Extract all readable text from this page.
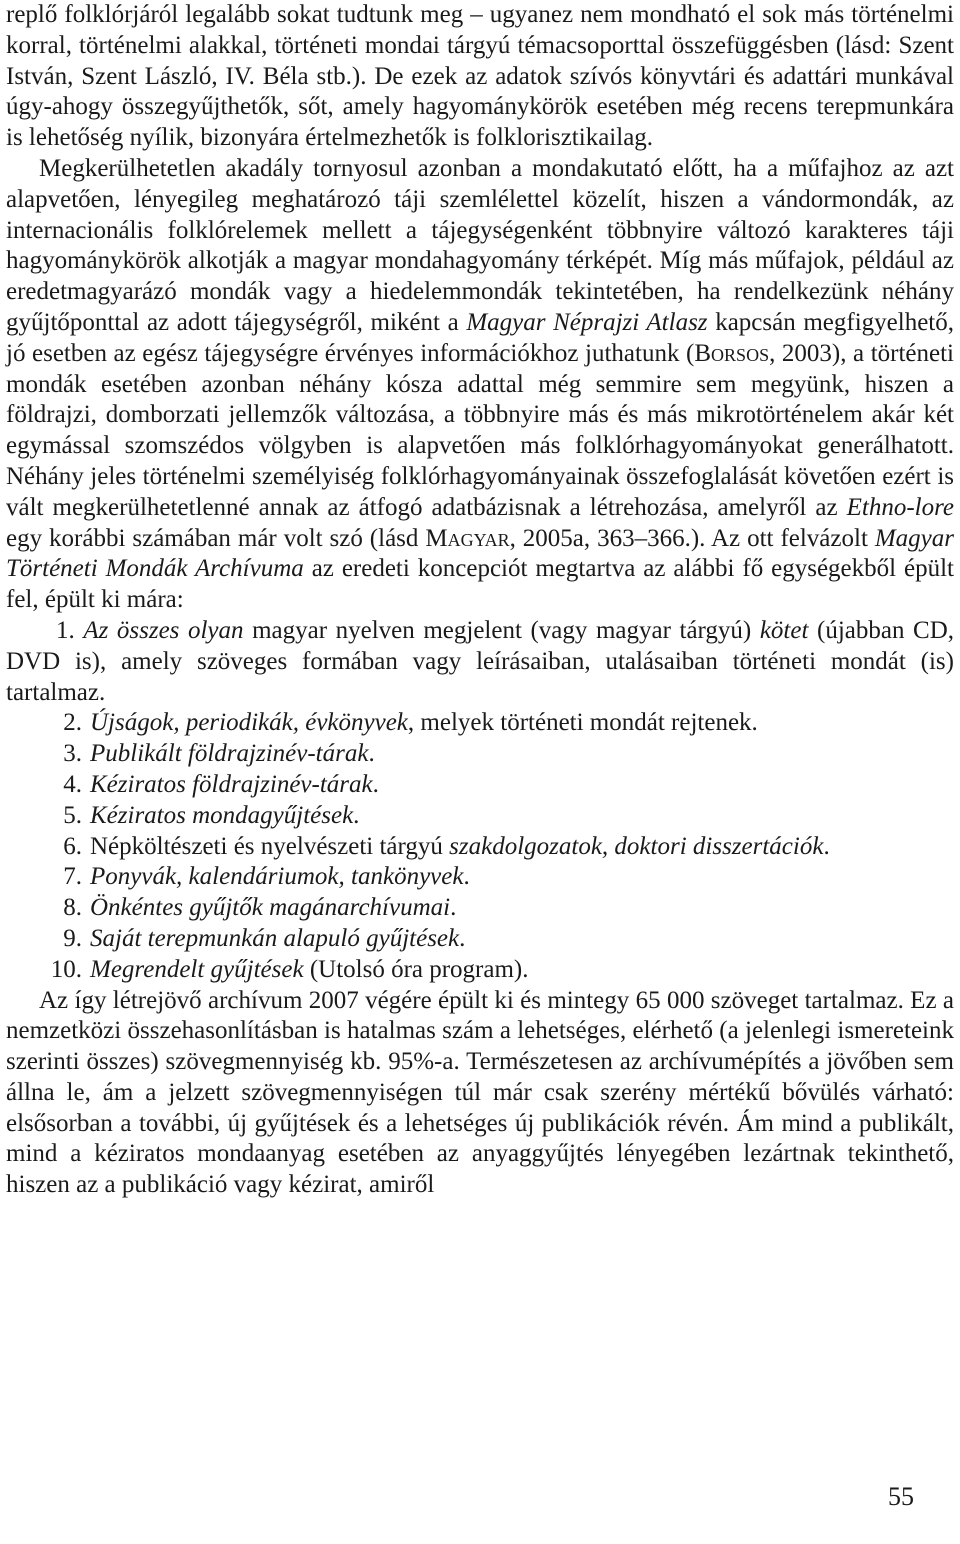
replő folklórjáról legalább sokat tudtunk meg – ugyanez nem mondható el sok más történelmi korral, történelmi alakkal, történeti mondai tárgyú témacsoporttal összefüggésben (lásd: Szent István, Szent László, IV. Béla stb.). De ezek az adatok szívós könyvtári és adattári munkával úgy-ahogy összegyűjthetők, sőt, amely hagyománykörök esetében még recens terepmunkára is lehetőség nyílik, bizonyára értelmezhetők is folklorisztikailag.

Megkerülhetetlen akadály tornyosul azonban a mondakutató előtt, ha a műfajhoz az azt alapvetően, lényegileg meghatározó táji szemlélettel közelít, hiszen a vándormondák, az internacionális folklórelemek mellett a tájegységenként többnyire változó karakteres táji hagyománykörök alkotják a magyar mondahagyomány térképét. Míg más műfajok, például az eredetmagyarázó mondák vagy a hiedelemmondák tekintetében, ha rendelkezünk néhány gyűjtőponttal az adott tájegységről, miként a Magyar Néprajzi Atlasz kapcsán megfigyelhető, jó esetben az egész tájegységre érvényes információkhoz juthatunk (Borsos, 2003), a történeti mondák esetében azonban néhány kósza adattal még semmire sem megyünk, hiszen a földrajzi, domborzati jellemzők változása, a többnyire más és más mikrotörténelem akár két egymással szomszédos völgyben is alapvetően más folklórhagyományokat generálhatott. Néhány jeles történelmi személyiség folklórhagyományainak összefoglalását követően ezért is vált megkerülhetetlenné annak az átfogó adatbázisnak a létrehozása, amelyről az Ethno-lore egy korábbi számában már volt szó (lásd Magyar, 2005a, 363–366.). Az ott felvázolt Magyar Történeti Mondák Archívuma az eredeti koncepciót megtartva az alábbi fő egységekből épült fel, épült ki mára:

1. Az összes olyan magyar nyelven megjelent (vagy magyar tárgyú) kötet (újabban CD, DVD is), amely szöveges formában vagy leírásaiban, utalásaiban történeti mondát (is) tartalmaz.

2. Újságok, periodikák, évkönyvek, melyek történeti mondát rejtenek.
3. Publikált földrajzinév-tárak.
4. Kéziratos földrajzinév-tárak.
5. Kéziratos mondagyűjtések.
6. Népköltészeti és nyelvészeti tárgyú szakdolgozatok, doktori disszertációk.
7. Ponyvák, kalendáriumok, tankönyvek.
8. Önkéntes gyűjtők magánarchívumai.
9. Saját terepmunkán alapuló gyűjtések.
10. Megrendelt gyűjtések (Utolsó óra program).

Az így létrejövő archívum 2007 végére épült ki és mintegy 65 000 szöveget tartalmaz. Ez a nemzetközi összehasonlításban is hatalmas szám a lehetséges, elérhető (a jelenlegi ismereteink szerinti összes) szövegmennyiség kb. 95%-a. Természetesen az archívumépítés a jövőben sem állna le, ám a jelzett szövegmennyiségen túl már csak szerény mértékű bővülés várható: elsősorban a további, új gyűjtések és a lehetséges új publikációk révén. Ám mind a publikált, mind a kéziratos mondaanyag esetében az anyaggyűjtés lényegében lezártnak tekinthető, hiszen az a publikáció vagy kézirat, amiről

55
